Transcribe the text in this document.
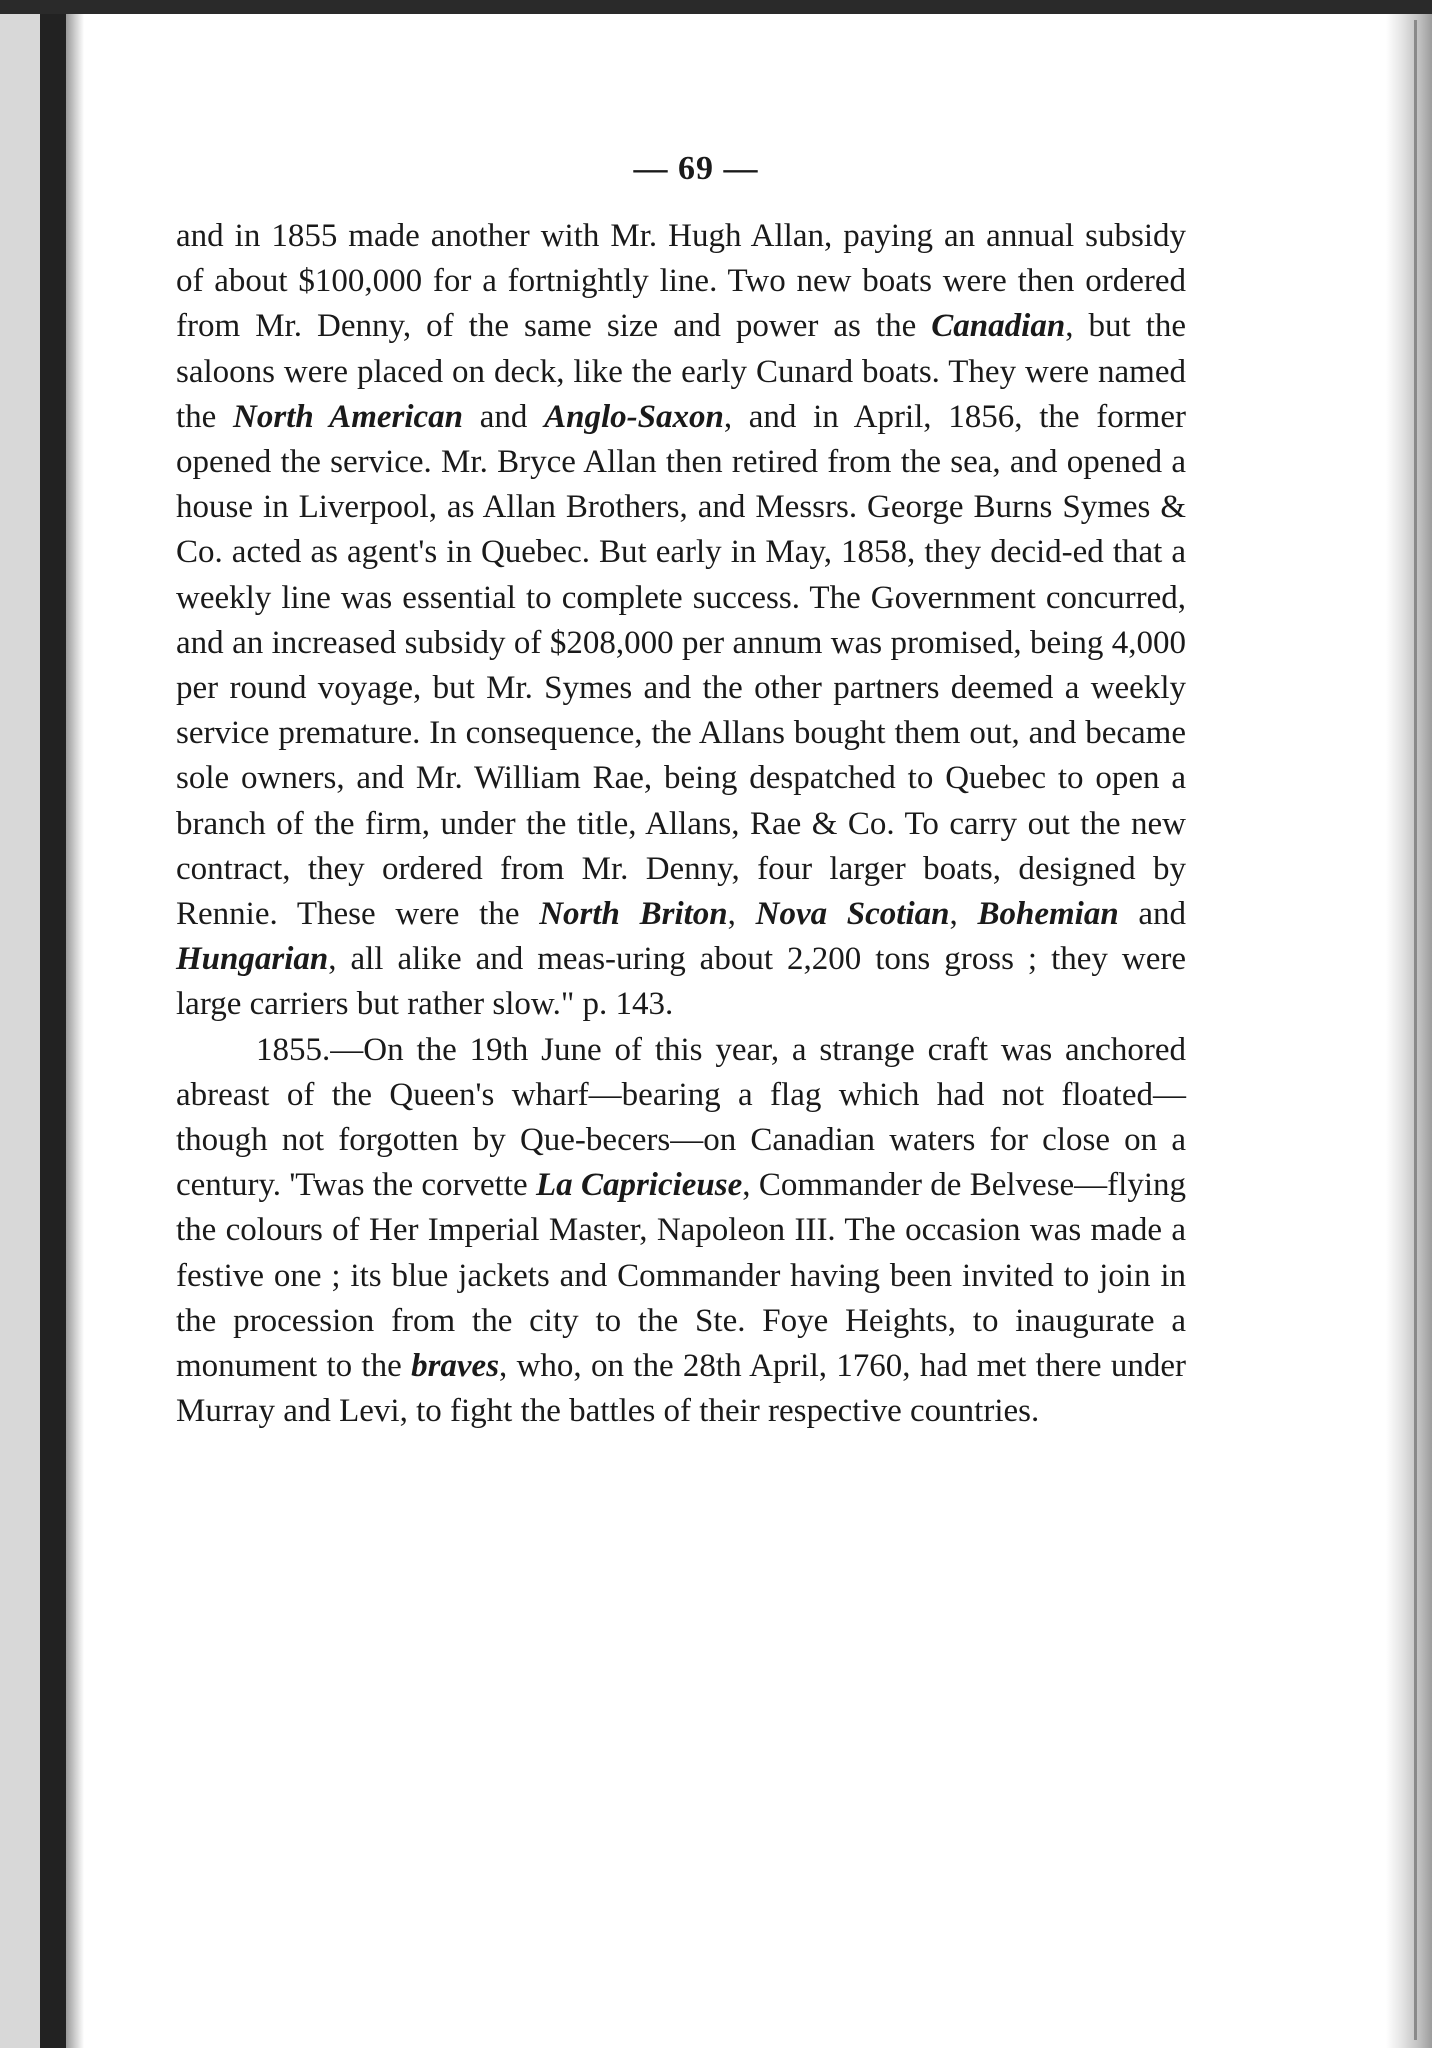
— 69 —

and in 1855 made another with Mr. Hugh Allan, paying an annual subsidy of about $100,000 for a fortnightly line. Two new boats were then ordered from Mr. Denny, of the same size and power as the Canadian, but the saloons were placed on deck, like the early Cunard boats. They were named the North American and Anglo-Saxon, and in April, 1856, the former opened the service. Mr. Bryce Allan then retired from the sea, and opened a house in Liverpool, as Allan Brothers, and Messrs. George Burns Symes & Co. acted as agent's in Quebec. But early in May, 1858, they decid-ed that a weekly line was essential to complete success. The Government concurred, and an increased subsidy of $208,000 per annum was promised, being 4,000 per round voyage, but Mr. Symes and the other partners deemed a weekly service premature. In consequence, the Allans bought them out, and became sole owners, and Mr. William Rae, being despatched to Quebec to open a branch of the firm, under the title, Allans, Rae & Co. To carry out the new contract, they ordered from Mr. Denny, four larger boats, designed by Rennie. These were the North Briton, Nova Scotian, Bohemian and Hungarian, all alike and meas-uring about 2,200 tons gross ; they were large carriers but rather slow." p. 143.

1855.—On the 19th June of this year, a strange craft was anchored abreast of the Queen's wharf—bearing a flag which had not floated—though not forgotten by Que-becers—on Canadian waters for close on a century. 'Twas the corvette La Capricieuse, Commander de Belvese—flying the colours of Her Imperial Master, Napoleon III. The occasion was made a festive one ; its blue jackets and Commander having been invited to join in the procession from the city to the Ste. Foye Heights, to inaugurate a monument to the braves, who, on the 28th April, 1760, had met there under Murray and Levi, to fight the battles of their respective countries.
